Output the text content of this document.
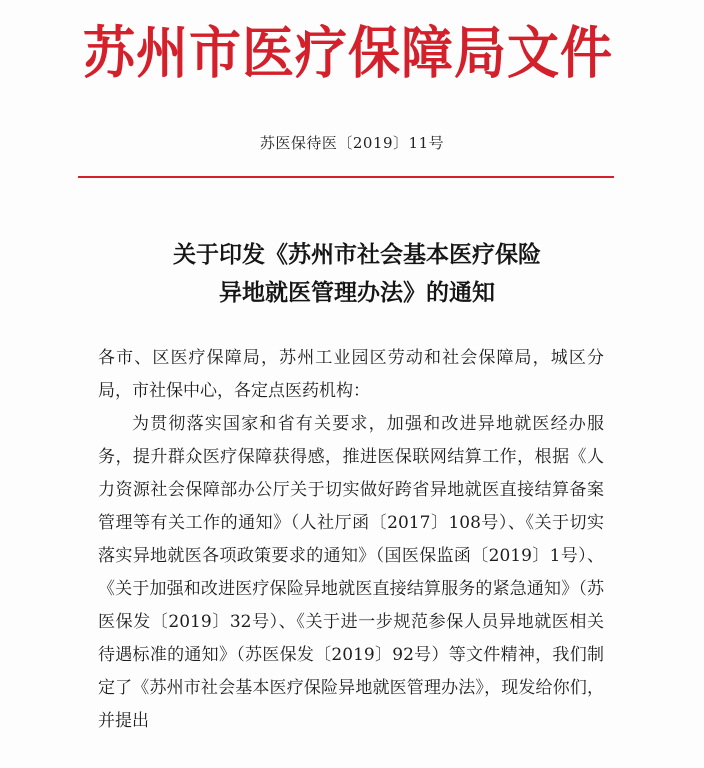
苏州市医疗保障局文件
苏医保待医〔2019〕11号
关于印发《苏州市社会基本医疗保险
异地就医管理办法》的通知

各市、区医疗保障局，苏州工业园区劳动和社会保障局，城区分局，市社保中心，各定点医药机构：

为贯彻落实国家和省有关要求，加强和改进异地就医经办服务，提升群众医疗保障获得感，推进医保联网结算工作，根据《人力资源社会保障部办公厅关于切实做好跨省异地就医直接结算备案管理等有关工作的通知》（人社厅函〔2017〕108号）、《关于切实落实异地就医各项政策要求的通知》（国医保监函〔2019〕1号）、《关于加强和改进医疗保险异地就医直接结算服务的紧急通知》（苏医保发〔2019〕32号）、《关于进一步规范参保人员异地就医相关待遇标准的通知》（苏医保发〔2019〕92号）等文件精神，我们制定了《苏州市社会基本医疗保险异地就医管理办法》，现发给你们，并提出
